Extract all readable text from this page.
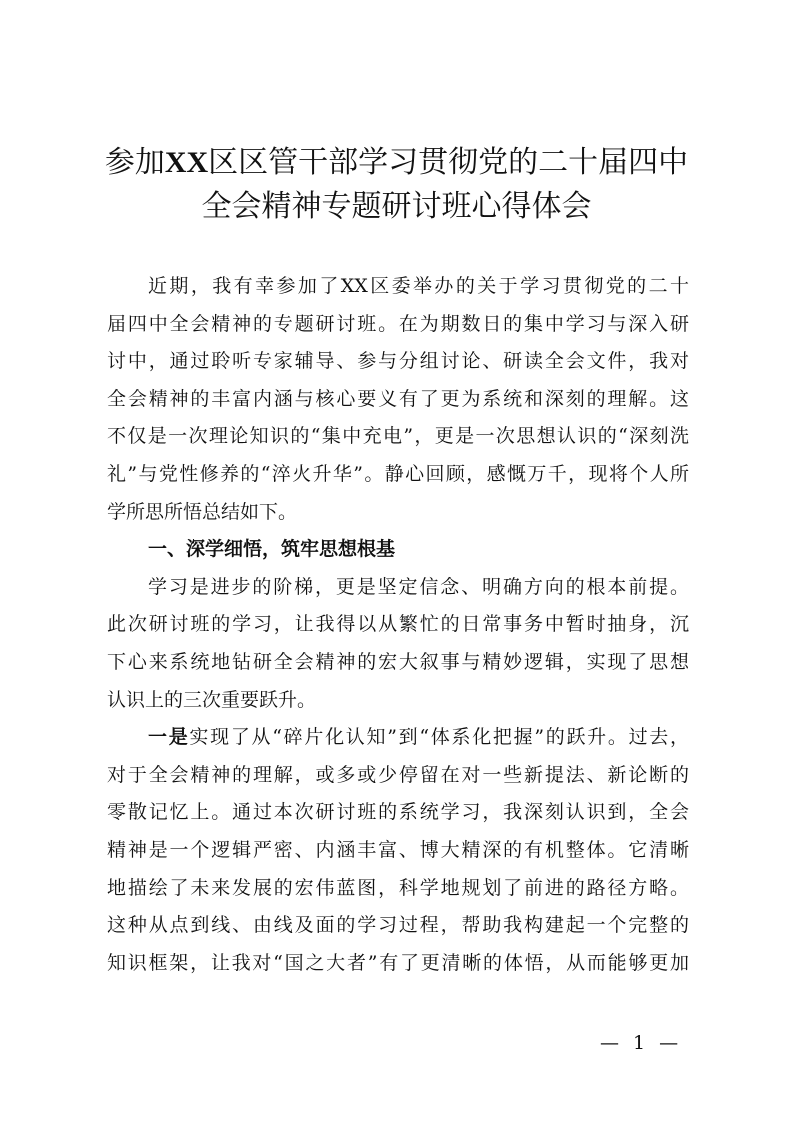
参加XX区区管干部学习贯彻党的二十届四中
全会精神专题研讨班心得体会
近期，我有幸参加了XX区委举办的关于学习贯彻党的二十
届四中全会精神的专题研讨班。在为期数日的集中学习与深入研
讨中，通过聆听专家辅导、参与分组讨论、研读全会文件，我对
全会精神的丰富内涵与核心要义有了更为系统和深刻的理解。这
不仅是一次理论知识的“集中充电”，更是一次思想认识的“深刻洗
礼”与党性修养的“淬火升华”。静心回顾，感慨万千，现将个人所
学所思所悟总结如下。
一、深学细悟，筑牢思想根基
学习是进步的阶梯，更是坚定信念、明确方向的根本前提。
此次研讨班的学习，让我得以从繁忙的日常事务中暂时抽身，沉
下心来系统地钻研全会精神的宏大叙事与精妙逻辑，实现了思想
认识上的三次重要跃升。
一是实现了从“碎片化认知”到“体系化把握”的跃升。过去，
对于全会精神的理解，或多或少停留在对一些新提法、新论断的
零散记忆上。通过本次研讨班的系统学习，我深刻认识到，全会
精神是一个逻辑严密、内涵丰富、博大精深的有机整体。它清晰
地描绘了未来发展的宏伟蓝图，科学地规划了前进的路径方略。
这种从点到线、由线及面的学习过程，帮助我构建起一个完整的
知识框架，让我对“国之大者”有了更清晰的体悟，从而能够更加
— 1 —
